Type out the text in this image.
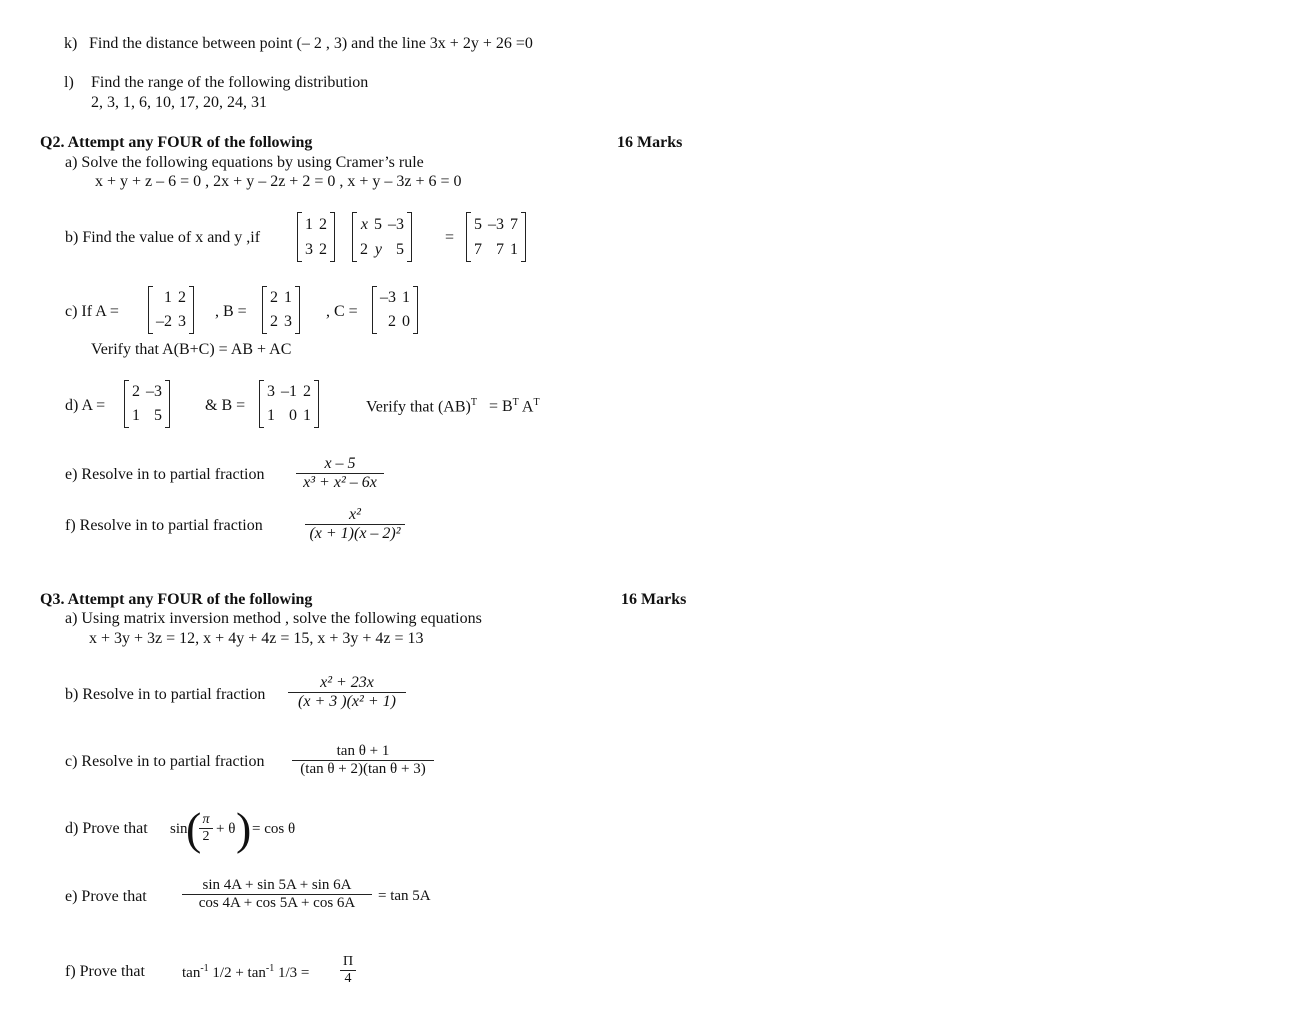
k) Find the distance between point (– 2 , 3) and the line 3x + 2y + 26 =0
l) Find the range of the following distribution
2, 3, 1, 6, 10, 17, 20, 24, 31
Q2. Attempt any FOUR of the following	16 Marks
a) Solve the following equations by using Cramer’s rule
x + y + z – 6 = 0 , 2x + y – 2z + 2 = 0 , x + y – 3z + 6 = 0
b) Find the value of x and y ,if
1 2
3 2
x 5 –3
2 y 5
=
5 –3 7
7 7 1
c) If A =
1 2
–2 3
, B =
2 1
2 3
, C =
–3 1
2 0
Verify that A(B+C) = AB + AC
d) A =
2 –3
1 5
& B =
3 –1 2
1 0 1
Verify that $(AB)^T = B^T$ $A^T$
e) Resolve in to partial fraction
x – 5
x³ + x² – 6x
f) Resolve in to partial fraction
x²
(x + 1)(x – 2)²
Q3. Attempt any FOUR of the following	16 Marks
a) Using matrix inversion method , solve the following equations
x + 3y + 3z = 12, x + 4y + 4z = 15, x + 3y + 4z = 13
b) Resolve in to partial fraction
x² + 23x
(x + 3 )(x² + 1)
c) Resolve in to partial fraction
tan θ + 1
(tan θ + 2)(tan θ + 3)
d) Prove that sin
( π
2 + θ ) = cos θ
e) Prove that
sin 4A + sin 5A + sin 6A
cos 4A + cos 5A + cos 6A	= tan 5A
f) Prove that $\tan^{-1} 1/2 + \tan^{-1} 1/3$ =
Π
4
